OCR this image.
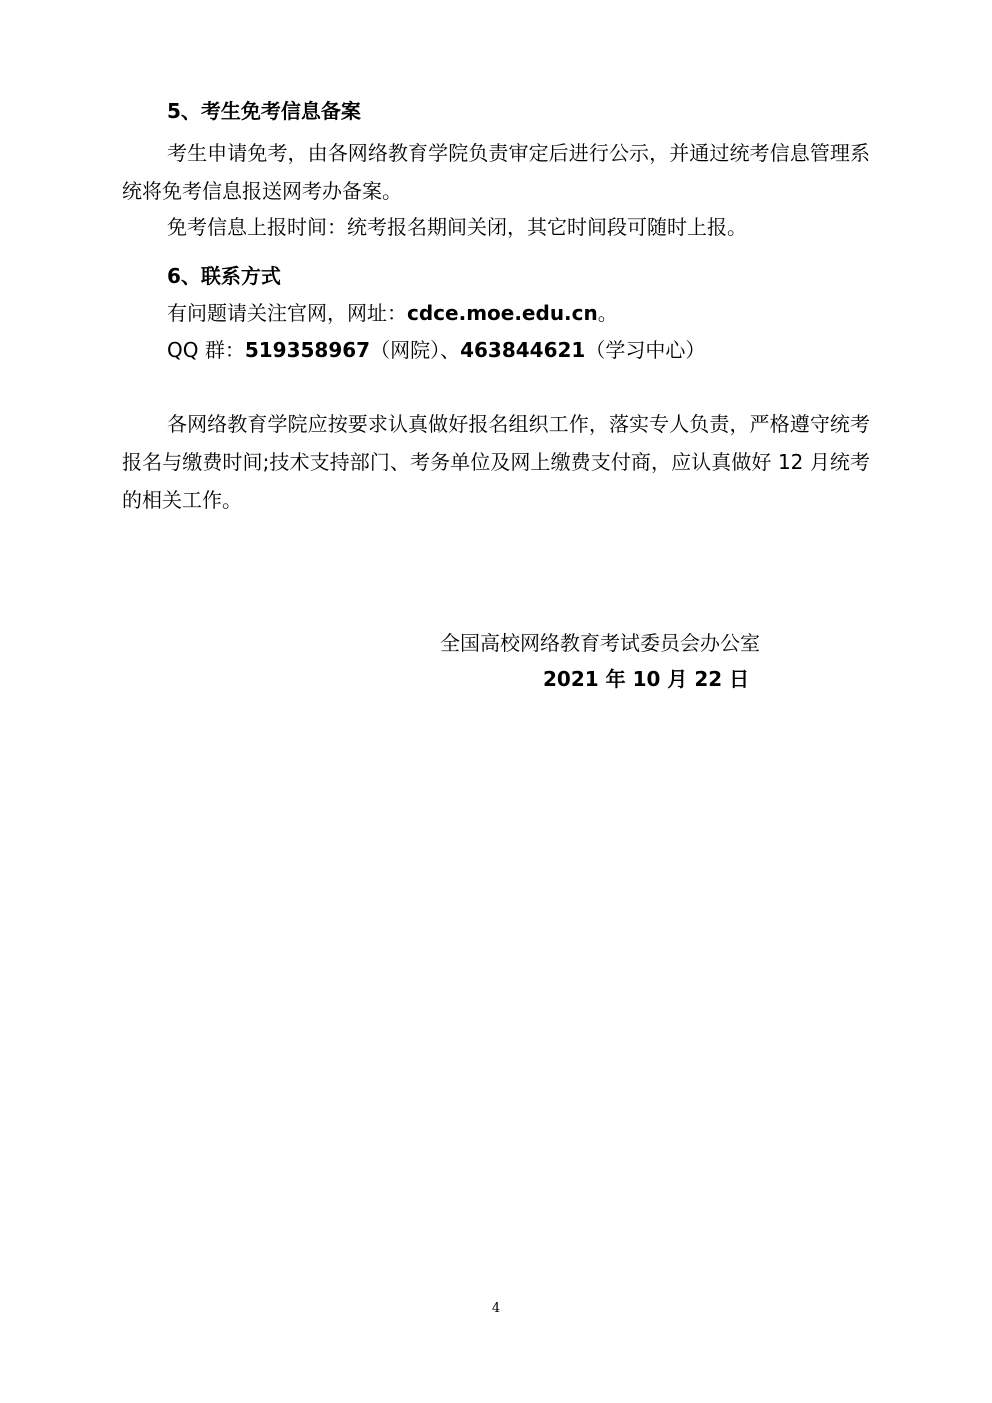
5、考生免考信息备案
考生申请免考，由各网络教育学院负责审定后进行公示，并通过统考信息管理系统将免考信息报送网考办备案。
免考信息上报时间：统考报名期间关闭，其它时间段可随时上报。
6、联系方式
有问题请关注官网，网址：cdce.moe.edu.cn。
QQ 群：519358967（网院）、463844621（学习中心）
各网络教育学院应按要求认真做好报名组织工作，落实专人负责，严格遵守统考报名与缴费时间;技术支持部门、考务单位及网上缴费支付商，应认真做好 12 月统考的相关工作。
全国高校网络教育考试委员会办公室
2021 年 10 月 22 日
4
